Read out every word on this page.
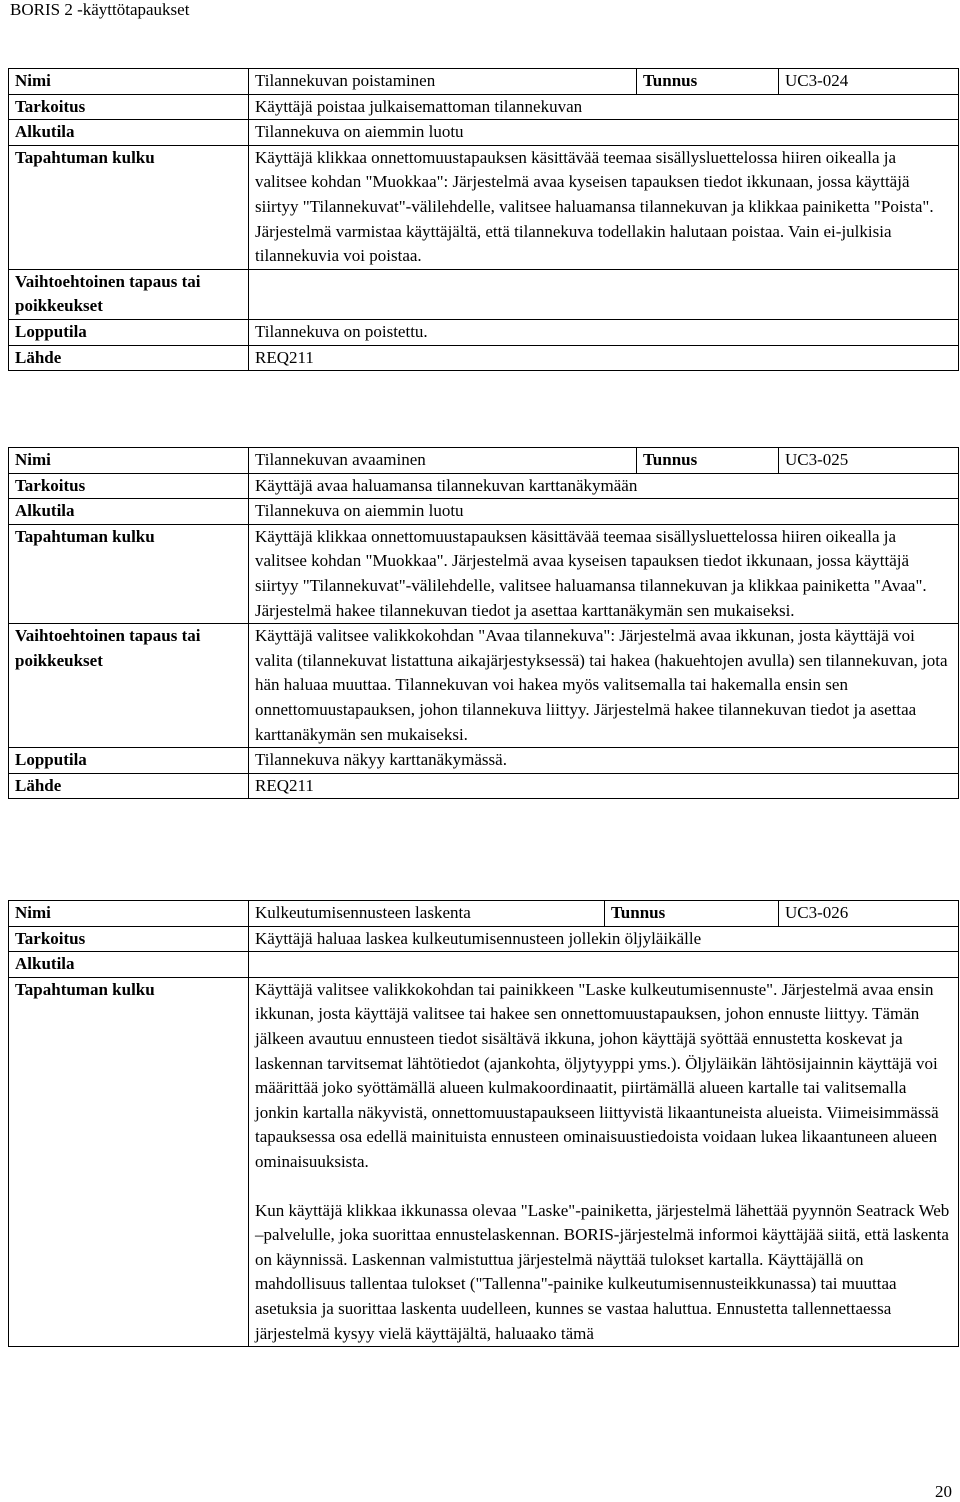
BORIS 2 -käyttötapaukset
Nimi	Tilannekuvan poistaminen	Tunnus	UC3-024
Tarkoitus	Käyttäjä poistaa julkaisemattoman tilannekuvan		
Alkutila	Tilannekuva on aiemmin luotu		
Tapahtuman kulku	Käyttäjä klikkaa onnettomuustapauksen käsittävää teemaa sisällysluettelossa hiiren oikealla ja valitsee kohdan "Muokkaa": Järjestelmä avaa kyseisen tapauksen tiedot ikkunaan, jossa käyttäjä siirtyy "Tilannekuvat"-välilehdelle, valitsee haluamansa tilannekuvan ja klikkaa painiketta "Poista". Järjestelmä varmistaa käyttäjältä, että tilannekuva todellakin halutaan poistaa. Vain ei-julkisia tilannekuvia voi poistaa.		
Vaihtoehtoinen tapaus tai poikkeukset			
Lopputila	Tilannekuva on poistettu.		
Lähde	REQ211		
Nimi	Tilannekuvan avaaminen	Tunnus	UC3-025
Tarkoitus	Käyttäjä avaa haluamansa tilannekuvan karttanäkymään		
Alkutila	Tilannekuva on aiemmin luotu		
Tapahtuman kulku	Käyttäjä klikkaa onnettomuustapauksen käsittävää teemaa sisällysluettelossa hiiren oikealla ja valitsee kohdan "Muokkaa". Järjestelmä avaa kyseisen tapauksen tiedot ikkunaan, jossa käyttäjä siirtyy "Tilannekuvat"-välilehdelle, valitsee haluamansa tilannekuvan ja klikkaa painiketta "Avaa". Järjestelmä hakee tilannekuvan tiedot ja asettaa karttanäkymän sen mukaiseksi.		
Vaihtoehtoinen tapaus tai poikkeukset	Käyttäjä valitsee valikkokohdan "Avaa tilannekuva": Järjestelmä avaa ikkunan, josta käyttäjä voi valita (tilannekuvat listattuna aikajärjestyksessä) tai hakea (hakuehtojen avulla) sen tilannekuvan, jota hän haluaa muuttaa. Tilannekuvan voi hakea myös valitsemalla tai hakemalla ensin sen onnettomuustapauksen, johon tilannekuva liittyy. Järjestelmä hakee tilannekuvan tiedot ja asettaa karttanäkymän sen mukaiseksi.		
Lopputila	Tilannekuva näkyy karttanäkymässä.		
Lähde	REQ211		
Nimi	Kulkeutumisennusteen laskenta	Tunnus	UC3-026
Tarkoitus	Käyttäjä haluaa laskea kulkeutumisennusteen jollekin öljyläikälle		
Alkutila			
Tapahtuman kulku	Käyttäjä valitsee valikkokohdan tai painikkeen "Laske kulkeutumisennuste". Järjestelmä avaa ensin ikkunan, josta käyttäjä valitsee tai hakee sen onnettomuustapauksen, johon ennuste liittyy. Tämän jälkeen avautuu ennusteen tiedot sisältävä ikkuna, johon käyttäjä syöttää ennustetta koskevat ja laskennan tarvitsemat lähtötiedot (ajankohta, öljytyyppi yms.). Öljyläikän lähtösijainnin käyttäjä voi määrittää joko syöttämällä alueen kulmakoordinaatit, piirtämällä alueen kartalle tai valitsemalla jonkin kartalla näkyvistä, onnettomuustapaukseen liittyvistä likaantuneista alueista. Viimeisimmässä tapauksessa osa edellä mainituista ennusteen ominaisuustiedoista voidaan lukea likaantuneen alueen ominaisuuksista.
Kun käyttäjä klikkaa ikkunassa olevaa "Laske"-painiketta, järjestelmä lähettää pyynnön Seatrack Web –palvelulle, joka suorittaa ennustelaskennan. BORIS-järjestelmä informoi käyttäjää siitä, että laskenta on käynnissä. Laskennan valmistuttua järjestelmä näyttää tulokset kartalla. Käyttäjällä on mahdollisuus tallentaa tulokset ("Tallenna"-painike kulkeutumisennusteikkunassa) tai muuttaa asetuksia ja suorittaa laskenta uudelleen, kunnes se vastaa haluttua. Ennustetta tallennettaessa järjestelmä kysyy vielä käyttäjältä, haluaako tämä		
20
